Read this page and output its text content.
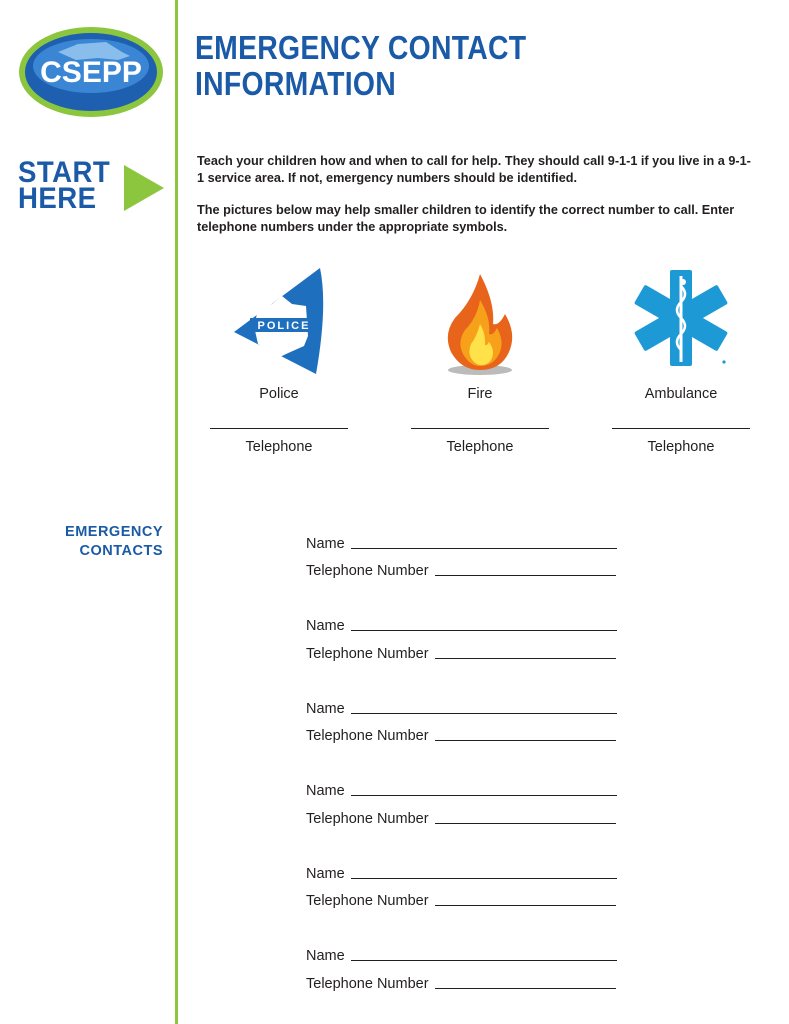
CSEPP
EMERGENCY CONTACT
INFORMATION
START
HERE

Teach your children how and when to call for help. They should call 9-1-1 if you live in a 9-1-1 service area. If not, emergency numbers should be identified.

The pictures below may help smaller children to identify the correct number to call. Enter telephone numbers under the appropriate symbols.

POLICE
Police
Telephone
Fire
Telephone
Ambulance
Telephone
EMERGENCY
CONTACTS	Name
Telephone Number
Name
Telephone Number
Name
Telephone Number
Name
Telephone Number
Name
Telephone Number
Name
Telephone Number
